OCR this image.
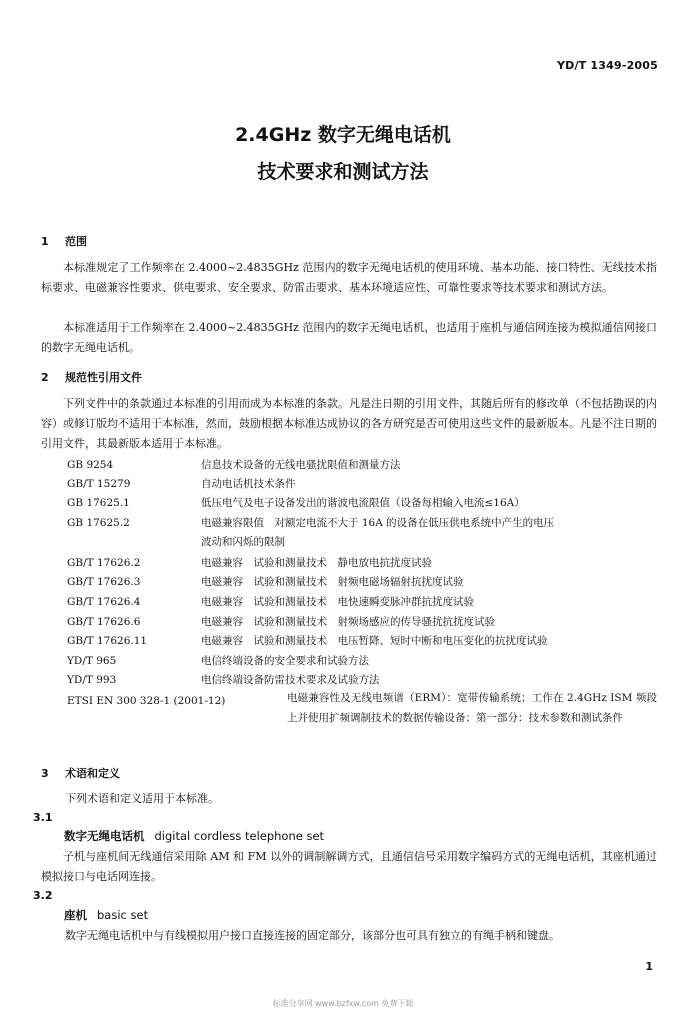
YD/T 1349-2005
2.4GHz 数字无绳电话机
技术要求和测试方法
1 范围
本标准规定了工作频率在 2.4000~2.4835GHz 范围内的数字无绳电话机的使用环境、基本功能、接口特性、无线技术指标要求、电磁兼容性要求、供电要求、安全要求、防雷击要求、基本环境适应性、可靠性要求等技术要求和测试方法。
本标准适用于工作频率在 2.4000~2.4835GHz 范围内的数字无绳电话机，也适用于座机与通信网连接为模拟通信网接口的数字无绳电话机。
2 规范性引用文件
下列文件中的条款通过本标准的引用而成为本标准的条款。凡是注日期的引用文件，其随后所有的修改单（不包括勘误的内容）或修订版均不适用于本标准，然而，鼓励根据本标准达成协议的各方研究是否可使用这些文件的最新版本。凡是不注日期的引用文件，其最新版本适用于本标准。
GB 9254	信息技术设备的无线电骚扰限值和测量方法
GB/T 15279	自动电话机技术条件
GB 17625.1	低压电气及电子设备发出的谐波电流限值（设备每相输入电流≤16A）
GB 17625.2	电磁兼容限值　对额定电流不大于 16A 的设备在低压供电系统中产生的电压
波动和闪烁的限制
GB/T 17626.2	电磁兼容　试验和测量技术　静电放电抗扰度试验
GB/T 17626.3	电磁兼容　试验和测量技术　射频电磁场辐射抗扰度试验
GB/T 17626.4	电磁兼容　试验和测量技术　电快速瞬变脉冲群抗扰度试验
GB/T 17626.6	电磁兼容　试验和测量技术　射频场感应的传导骚扰抗扰度试验
GB/T 17626.11	电磁兼容　试验和测量技术　电压暂降、短时中断和电压变化的抗扰度试验
YD/T 965	电信终端设备的安全要求和试验方法
YD/T 993	电信终端设备防雷技术要求及试验方法
ETSI EN 300 328-1 (2001-12)	电磁兼容性及无线电频谱（ERM）：宽带传输系统；工作在 2.4GHz ISM 频段上并使用扩频调制技术的数据传输设备；第一部分：技术参数和测试条件
3 术语和定义
下列术语和定义适用于本标准。
3.1
数字无绳电话机 digital cordless telephone set
子机与座机间无线通信采用除 AM 和 FM 以外的调制解调方式，且通信信号采用数字编码方式的无绳电话机，其座机通过模拟接口与电话网连接。
3.2
座机 basic set
数字无绳电话机中与有线模拟用户接口直接连接的固定部分，该部分也可具有独立的有绳手柄和键盘。
1
标准分享网 www.bzfxw.com 免费下载
